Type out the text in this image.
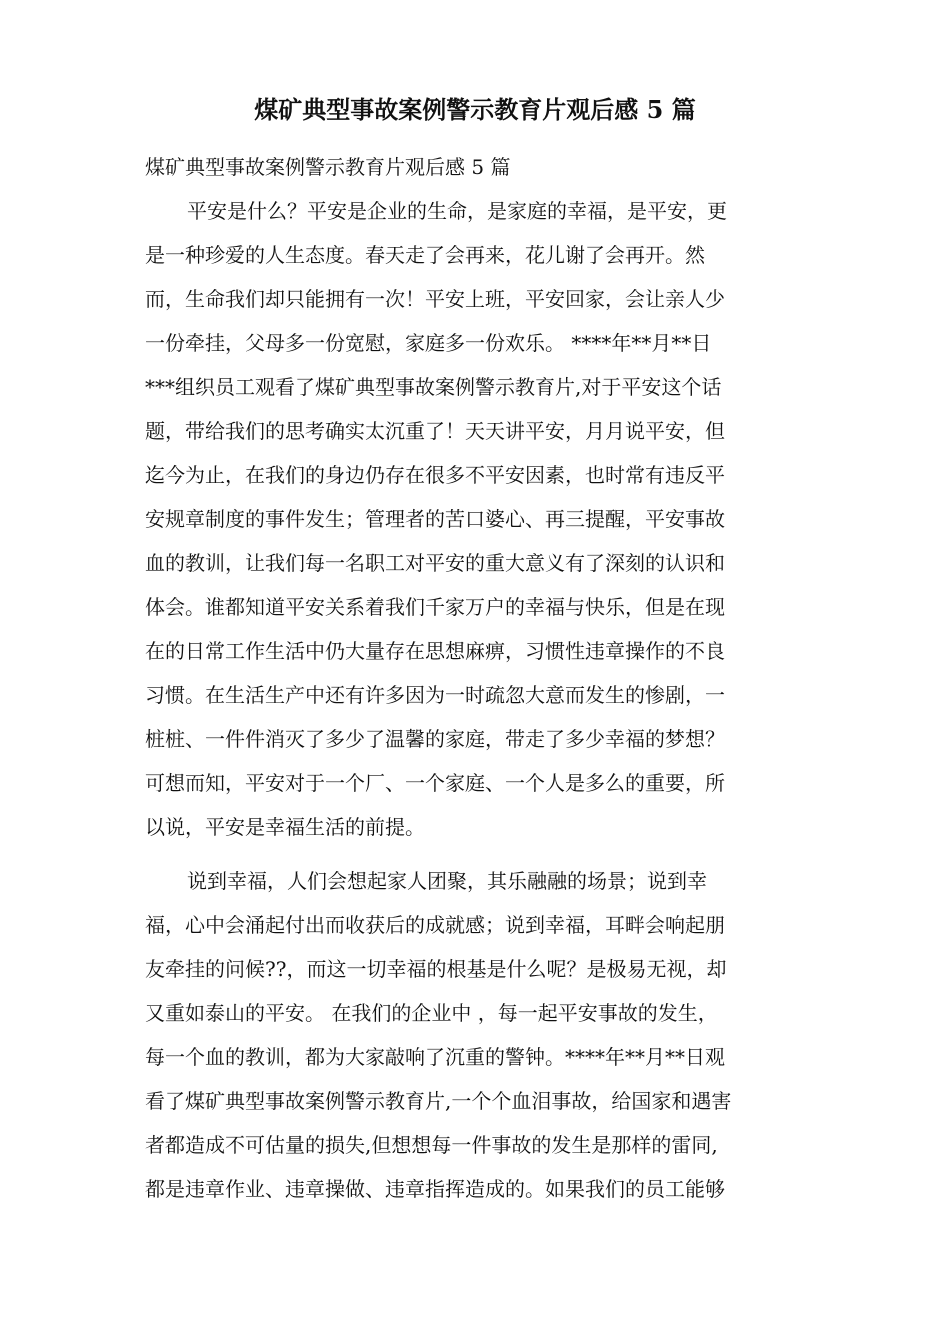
煤矿典型事故案例警示教育片观后感 5 篇
煤矿典型事故案例警示教育片观后感 5 篇
平安是什么？平安是企业的生命，是家庭的幸福，是平安，更
是一种珍爱的人生态度。春天走了会再来，花儿谢了会再开。然
而，生命我们却只能拥有一次！平安上班，平安回家，会让亲人少
一份牵挂，父母多一份宽慰，家庭多一份欢乐。 ****年**月**日
***组织员工观看了煤矿典型事故案例警示教育片,对于平安这个话
题，带给我们的思考确实太沉重了！天天讲平安，月月说平安，但
迄今为止，在我们的身边仍存在很多不平安因素，也时常有违反平
安规章制度的事件发生；管理者的苦口婆心、再三提醒，平安事故
血的教训，让我们每一名职工对平安的重大意义有了深刻的认识和
体会。谁都知道平安关系着我们千家万户的幸福与快乐，但是在现
在的日常工作生活中仍大量存在思想麻痹，习惯性违章操作的不良
习惯。在生活生产中还有许多因为一时疏忽大意而发生的惨剧，一
桩桩、一件件消灭了多少了温馨的家庭，带走了多少幸福的梦想？
可想而知，平安对于一个厂、一个家庭、一个人是多么的重要，所
以说，平安是幸福生活的前提。
说到幸福，人们会想起家人团聚，其乐融融的场景；说到幸
福，心中会涌起付出而收获后的成就感；说到幸福，耳畔会响起朋
友牵挂的问候??，而这一切幸福的根基是什么呢？是极易无视，却
又重如泰山的平安。 在我们的企业中 ，每一起平安事故的发生，
每一个血的教训，都为大家敲响了沉重的警钟。****年**月**日观
看了煤矿典型事故案例警示教育片,一个个血泪事故，给国家和遇害
者都造成不可估量的损失,但想想每一件事故的发生是那样的雷同,
都是违章作业、违章操做、违章指挥造成的。如果我们的员工能够
